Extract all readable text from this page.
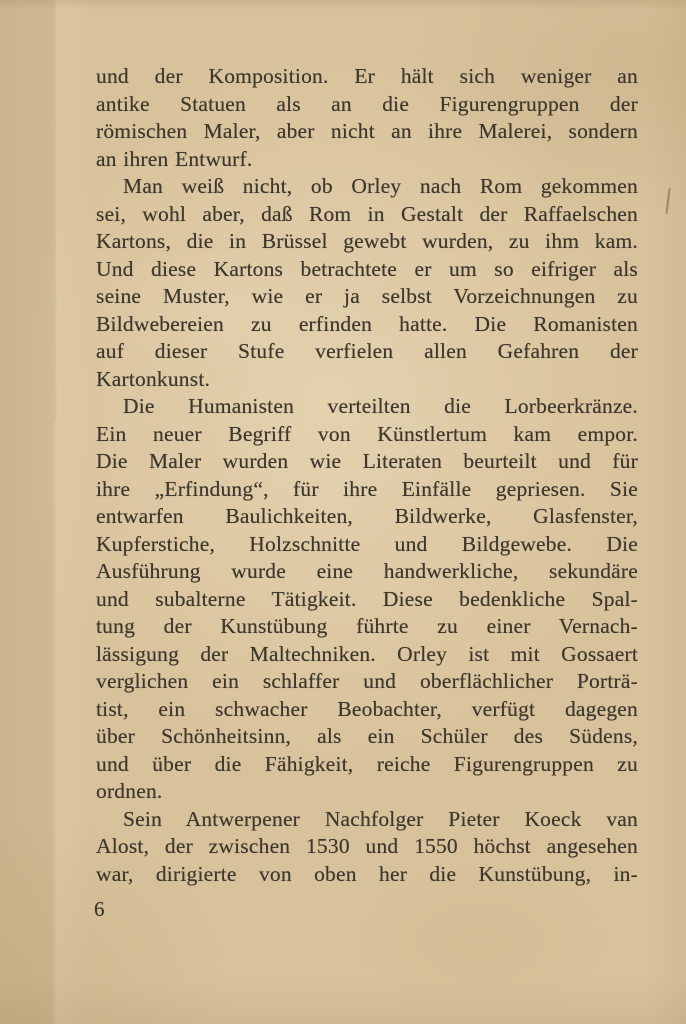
und der Komposition. Er hält sich weniger an
antike Statuen als an die Figurengruppen der
römischen Maler, aber nicht an ihre Malerei, sondern
an ihren Entwurf.
Man weiß nicht, ob Orley nach Rom gekommen
sei, wohl aber, daß Rom in Gestalt der Raffaelschen
Kartons, die in Brüssel gewebt wurden, zu ihm kam.
Und diese Kartons betrachtete er um so eifriger als
seine Muster, wie er ja selbst Vorzeichnungen zu
Bildwebereien zu erfinden hatte. Die Romanisten
auf dieser Stufe verfielen allen Gefahren der
Kartonkunst.
Die Humanisten verteilten die Lorbeerkränze.
Ein neuer Begriff von Künstlertum kam empor.
Die Maler wurden wie Literaten beurteilt und für
ihre „Erfindung“, für ihre Einfälle gepriesen. Sie
entwarfen Baulichkeiten, Bildwerke, Glasfenster,
Kupferstiche, Holzschnitte und Bildgewebe. Die
Ausführung wurde eine handwerkliche, sekundäre
und subalterne Tätigkeit. Diese bedenkliche Spal-
tung der Kunstübung führte zu einer Vernach-
lässigung der Maltechniken. Orley ist mit Gossaert
verglichen ein schlaffer und oberflächlicher Porträ-
tist, ein schwacher Beobachter, verfügt dagegen
über Schönheitsinn, als ein Schüler des Südens,
und über die Fähigkeit, reiche Figurengruppen zu
ordnen.
Sein Antwerpener Nachfolger Pieter Koeck van
Alost, der zwischen 1530 und 1550 höchst angesehen
war, dirigierte von oben her die Kunstübung, in-
6
